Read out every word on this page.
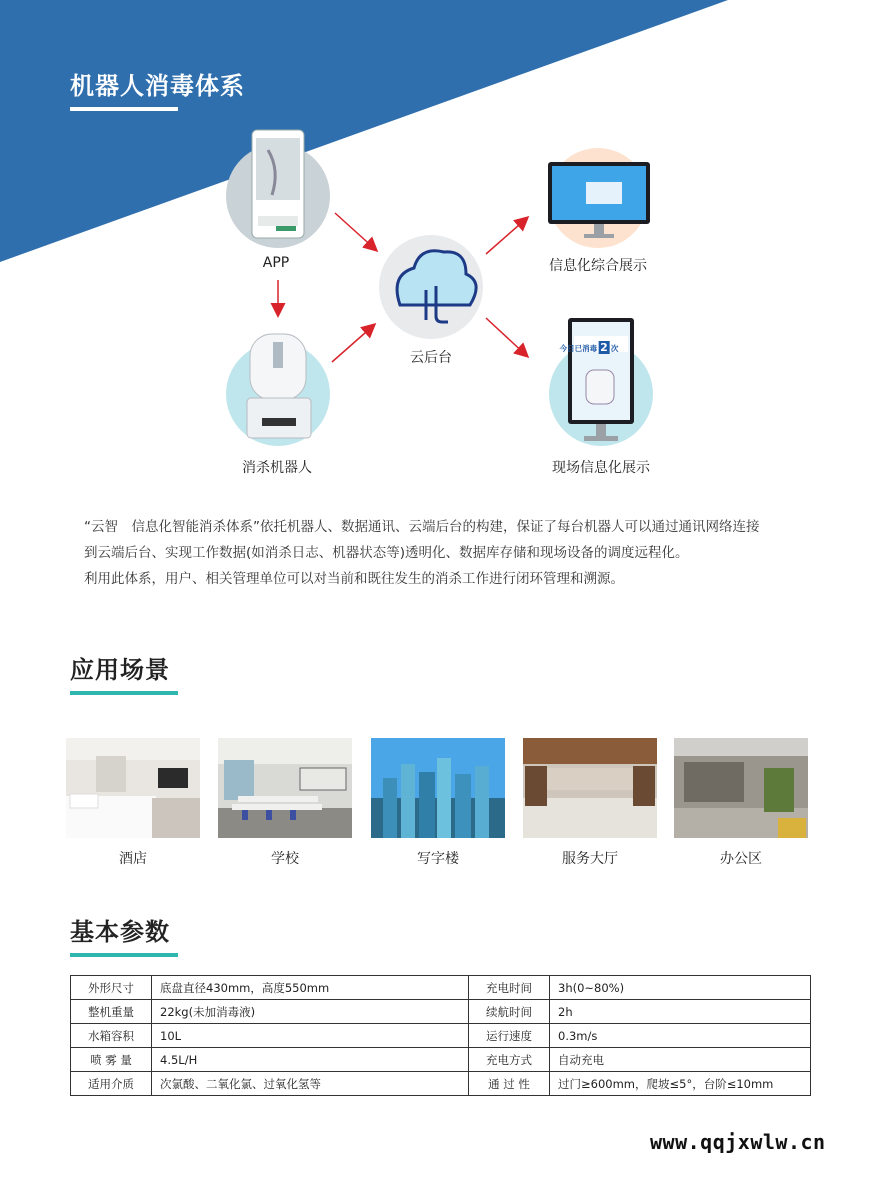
机器人消毒体系
今日已消毒 2 次
APP
消杀机器人
云后台
信息化综合展示
现场信息化展示

“云智　信息化智能消杀体系”依托机器人、数据通讯、云端后台的构建，保证了每台机器人可以通过通讯网络连接

到云端后台、实现工作数据(如消杀日志、机器状态等)透明化、数据库存储和现场设备的调度远程化。

利用此体系，用户、相关管理单位可以对当前和既往发生的消杀工作进行闭环管理和溯源。

应用场景
酒店	学校	写字楼	服务大厅	办公区
基本参数
外形尺寸	底盘直径430mm，高度550mm	充电时间	3h(0~80%)
整机重量	22kg(未加消毒液)	续航时间	2h
水箱容积	10L	运行速度	0.3m/s
喷 雾 量	4.5L/H	充电方式	自动充电
适用介质	次氯酸、二氧化氯、过氧化氢等	通 过 性	过门≥600mm，爬坡≤5°，台阶≤10mm
www.qqjxwlw.cn
